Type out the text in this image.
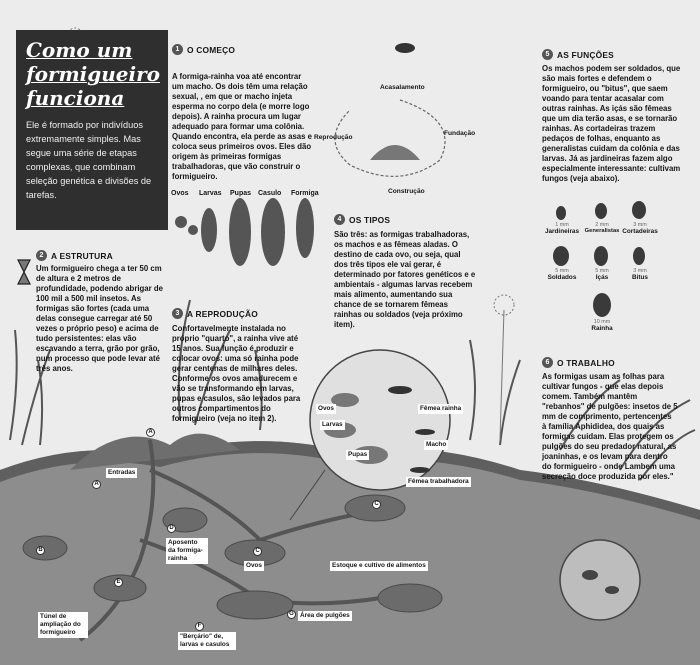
Como um formigueiro funciona

Ele é formado por indivíduos extremamente simples. Mas segue uma série de etapas complexas, que combinam seleção genética e divisões de tarefas.

1 O COMEÇO
A formiga-rainha voa até encontrar um macho. Os dois têm uma relação sexual, , em que or macho injeta esperma no corpo dela (e morre logo depois). A rainha procura um lugar adequado para formar uma colônia. Quando encontra, ela perde as asas e coloca seus primeiros ovos. Eles dão origem às primeiras formigas trabalhadoras, que vão construir o formigueiro.
Acasalamento
Reprodução
Fundação
Construção
Ovos Larvas Pupas Casulo Formiga
2 A ESTRUTURA
Um formigueiro chega a ter 50 cm de altura e 2 metros de profundidade, podendo abrigar de 100 mil a 500 mil insetos. As formigas são fortes (cada uma delas consegue carregar até 50 vezes o próprio peso) e acima de tudo persistentes: elas vão escavando a terra, grão por grão, num processo que pode levar até três anos.
3 A REPRODUÇÃO
Confortavelmente instalada no próprio "quarto", a rainha vive até 15 anos. Sua função é produzir e colocar ovos: uma só rainha pode gerar centenas de milhares deles. Conforme os ovos amadurecem e vão se transformando em larvas, pupas e casulos, são levados para outros compartimentos do formigueiro (veja no item 2).
4 OS TIPOS
São três: as formigas trabalhadoras, os machos e as fêmeas aladas. O destino de cada ovo, ou seja, qual dos três tipos ele vai gerar, é determinado por fatores genéticos e e ambientais - algumas larvas recebem mais alimento, aumentando sua chance de se tornarem fêmeas rainhas ou soldados (veja próximo item).
Ovos
Larvas
Pupas
Fêmea rainha
Macho
Fêmea trabalhadora
5 AS FUNÇÕES
Os machos podem ser soldados, que são mais fortes e defendem o formigueiro, ou "bitus", que saem voando para tentar acasalar com outras rainhas. As içás são fêmeas que um dia terão asas, e se tornarão rainhas. As cortadeiras trazem pedaços de folhas, enquanto as generalistas cuidam da colônia e das larvas. Já as jardineiras fazem algo especialmente interessante: cultivam fungos (veja abaixo).
1 mm
Jardineiras
2 mm
Generalistas
3 mm
Cortadeiras
5 mm
Soldados
5 mm
Içás
3 mm
Bitus
10 mm
Rainha
6 O TRABALHO
As formigas usam as folhas para cultivar fungos - que elas depois comem. Também mantêm "rebanhos" de pulgões: insetos de 5 mm de comprimento, pertencentes à família Aphididea, dos quais as formigas cuidam. Elas protegem os pulgões do seu predador natural, as joaninhas, e os levam para dentro do formigueiro - onde Lambem uma secreção doce produzida por eles."
Entradas
Aposento da formiga-rainha
Ovos	Estoque e cultivo de alimentos
Túnel de ampliação do formigueiro
"Berçário" de, larvas e casulos
Área de pulgões
A
A
B	C
C
D
E
F
G
